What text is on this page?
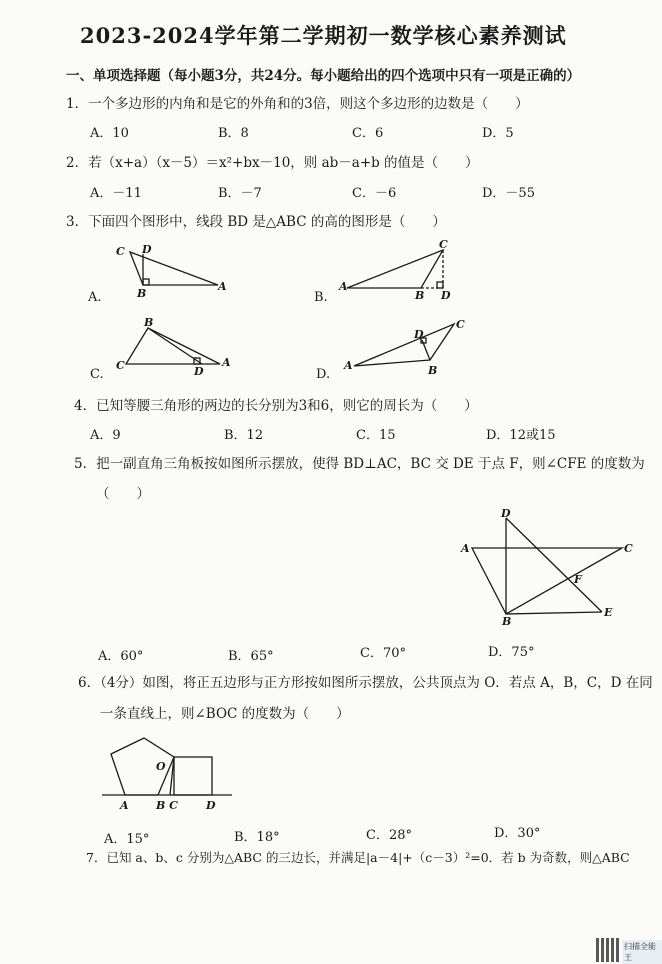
2023-2024学年第二学期初一数学核心素养测试
一、单项选择题（每小题3分，共24分。每小题给出的四个选项中只有一项是正确的）
1．一个多边形的内角和是它的外角和的3倍，则这个多边形的边数是（　　）
A．10	B．8	C．6	D．5
2．若（x+a）（x－5）＝x²+bx－10，则 ab－a+b 的值是（　　）
A．－11	B．－7	C．－6	D．－55
3．下面四个图形中，线段 BD 是△ABC 的高的图形是（　　）
C D
B
A
A.
A
C
B D
B.
B
C	D
A
C.
A
C
D
B
D.
4．已知等腰三角形的两边的长分别为3和6，则它的周长为（　　）
A．9	B．12	C．15	D．12或15
5．把一副直角三角板按如图所示摆放，使得 BD⊥AC，BC 交 DE 于点 F，则∠CFE 的度数为
（　　）
D
A	C
F
B
E
A．60°	B．65°	C．70°	D．75°
6．（4分）如图，将正五边形与正方形按如图所示摆放，公共顶点为 O．若点 A，B，C，D 在同
一条直线上，则∠BOC 的度数为（　　）
O
A B C	D
A．15°	B．18°	C．28°	D．30°
7．已知 a、b、c 分别为△ABC 的三边长，并满足|a－4|+（c－3）²=0．若 b 为奇数，则△ABC
扫描全能王
